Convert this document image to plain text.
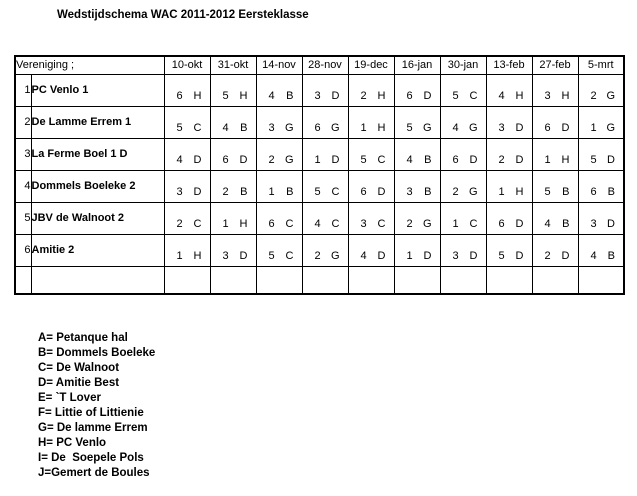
Wedstijdschema WAC 2011-2012 Eersteklasse
Vereniging ;		10-okt	31-okt	14-nov	28-nov	19-dec	16-jan	30-jan	13-feb	27-feb	5-mrt
1	PC Venlo 1	6 H	5 H	4 B	3 D	2 H	6 D	5 C	4 H	3 H	2 G

2	De Lamme Errem 1	5 C	4 B	3 G	6 G	1 H	5 G	4 G	3 D	6 D	1 G

3	La Ferme Boel 1 D	4 D	6 D	2 G	1 D	5 C	4 B	6 D	2 D	1 H	5 D

4	Dommels Boeleke 2	3 D	2 B	1 B	5 C	6 D	3 B	2 G	1 H	5 B	6 B

5	JBV de Walnoot 2	2 C	1 H	6 C	4 C	3 C	2 G	1 C	6 D	4 B	3 D

6	Amitie 2	1 H	3 D	5 C	2 G	4 D	1 D	3 D	5 D	2 D	4 B

A= Petanque hal
B= Dommels Boeleke
C= De Walnoot
D= Amitie Best
E= `T Lover
F= Littie of Littienie
G= De lamme Errem
H= PC Venlo
I= De  Soepele Pols
J=Gemert de Boules
